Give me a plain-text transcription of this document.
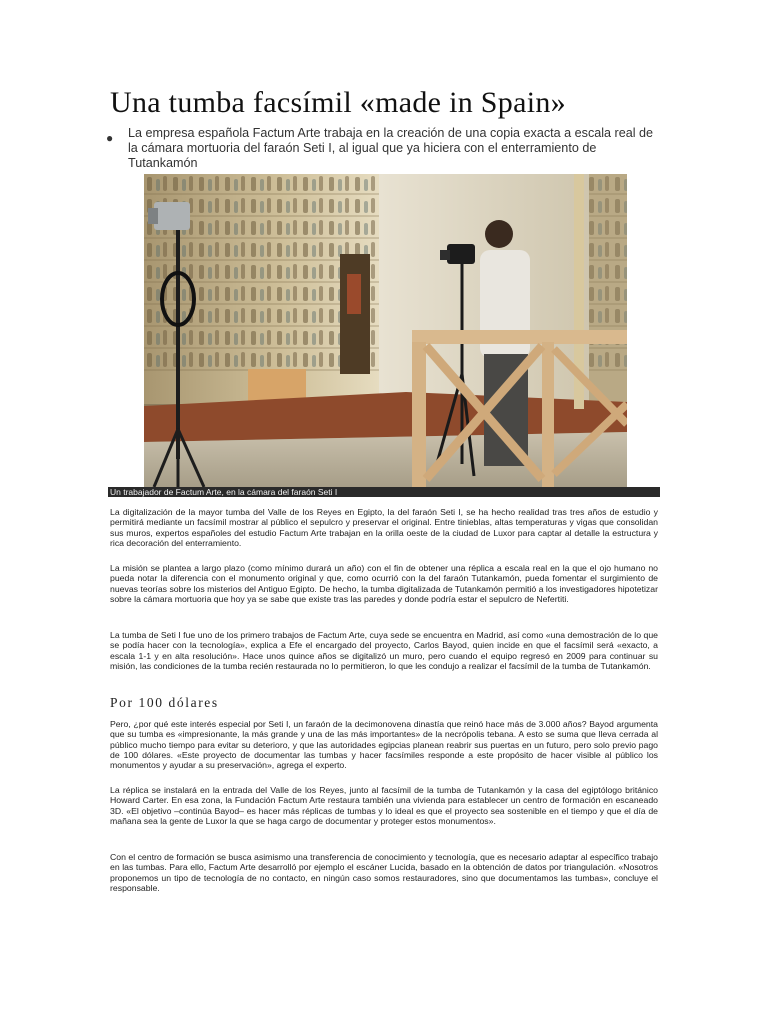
Una tumba facsímil «made in Spain»
● La empresa española Factum Arte trabaja en la creación de una copia exacta a escala real de la cámara mortuoria del faraón Seti I, al igual que ya hiciera con el enterramiento de Tutankamón

Un trabajador de Factum Arte, en la cámara del faraón Seti I

La digitalización de la mayor tumba del Valle de los Reyes en Egipto, la del faraón Seti I, se ha hecho realidad tras tres años de estudio y permitirá mediante un facsímil mostrar al público el sepulcro y preservar el original. Entre tinieblas, altas temperaturas y vigas que consolidan sus muros, expertos españoles del estudio Factum Arte trabajan en la orilla oeste de la ciudad de Luxor para captar al detalle la estructura y rica decoración del enterramiento.

La misión se plantea a largo plazo (como mínimo durará un año) con el fin de obtener una réplica a escala real en la que el ojo humano no pueda notar la diferencia con el monumento original y que, como ocurrió con la del faraón Tutankamón, pueda fomentar el surgimiento de nuevas teorías sobre los misterios del Antiguo Egipto. De hecho, la tumba digitalizada de Tutankamón permitió a los investigadores hipotetizar sobre la cámara mortuoria que hoy ya se sabe que existe tras las paredes y donde podría estar el sepulcro de Nefertiti.

La tumba de Seti I fue uno de los primero trabajos de Factum Arte, cuya sede se encuentra en Madrid, así como «una demostración de lo que se podía hacer con la tecnología», explica a Efe el encargado del proyecto, Carlos Bayod, quien incide en que el facsímil será «exacto, a escala 1-1 y en alta resolución». Hace unos quince años se digitalizó un muro, pero cuando el equipo regresó en 2009 para continuar su misión, las condiciones de la tumba recién restaurada no lo permitieron, lo que les condujo a realizar el facsímil de la tumba de Tutankamón.

Por 100 dólares

Pero, ¿por qué este interés especial por Seti I, un faraón de la decimonovena dinastía que reinó hace más de 3.000 años? Bayod argumenta que su tumba es «impresionante, la más grande y una de las más importantes» de la necrópolis tebana. A esto se suma que lleva cerrada al público mucho tiempo para evitar su deterioro, y que las autoridades egipcias planean reabrir sus puertas en un futuro, pero solo previo pago de 100 dólares. «Este proyecto de documentar las tumbas y hacer facsímiles responde a este propósito de hacer visible al público los monumentos y ayudar a su preservación», agrega el experto.

La réplica se instalará en la entrada del Valle de los Reyes, junto al facsímil de la tumba de Tutankamón y la casa del egiptólogo británico Howard Carter. En esa zona, la Fundación Factum Arte restaura también una vivienda para establecer un centro de formación en escaneado 3D. «El objetivo –continúa Bayod– es hacer más réplicas de tumbas y lo ideal es que el proyecto sea sostenible en el tiempo y que el día de mañana sea la gente de Luxor la que se haga cargo de documentar y proteger estos monumentos».

Con el centro de formación se busca asimismo una transferencia de conocimiento y tecnología, que es necesario adaptar al específico trabajo en las tumbas. Para ello, Factum Arte desarrolló por ejemplo el escáner Lucida, basado en la obtención de datos por triangulación. «Nosotros proponemos un tipo de tecnología de no contacto, en ningún caso somos restauradores, sino que documentamos las tumbas», concluye el responsable.
